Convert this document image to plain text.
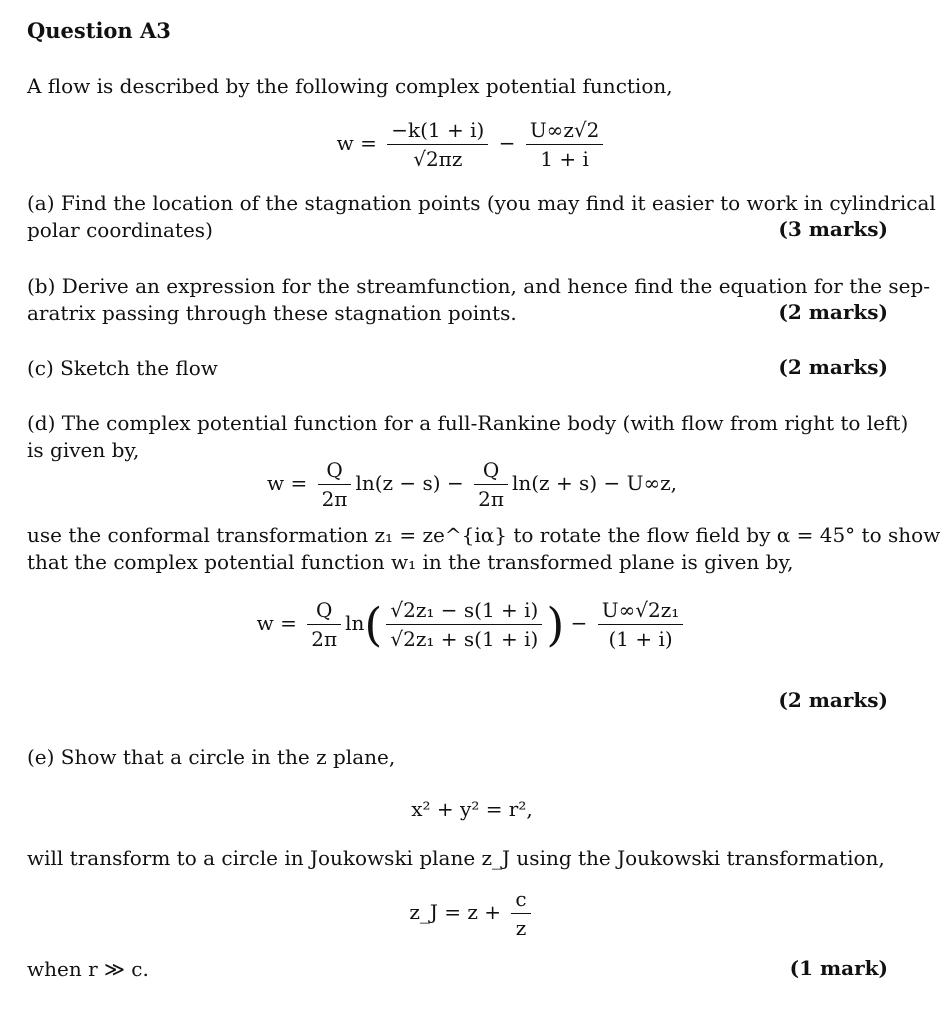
Question A3
A flow is described by the following complex potential function,
$w = \frac{-k(1 + i)}{√2\pi z} - \frac{U\infty z√2}{1 + i}$
(a) Find the location of the stagnation points (you may find it easier to work in cylindrical
polar coordinates)	(3 marks)
(b) Derive an expression for the streamfunction, and hence find the equation for the sep-
aratrix passing through these stagnation points.	(2 marks)
(c) Sketch the flow	(2 marks)
(d) The complex potential function for a full-Rankine body (with flow from right to left)
is given by,
$w = \frac{Q}{2\pi} \ln(z - s) - \frac{Q}{2\pi} \ln(z + s) - U\infty z$,
use the conformal transformation z₁ = ze^{iα} to rotate the flow field by α = 45° to show
that the complex potential function w₁ in the transformed plane is given by,
$w = \frac{Q}{2\pi} \ln( \frac{\text{√2z₁ − s(1 + i)}}{\text{√2z₁ + s(1 + i)}}$ ) − $\frac{\text{U∞√2z₁}}{(1 + i)}$
(2 marks)
(e) Show that a circle in the z plane,
x² + y² = r²,
will transform to a circle in Joukowski plane z_J using the Joukowski transformation,
z_J = $z + \frac{c}{z}$
when r ≫ c.	(1 mark)
